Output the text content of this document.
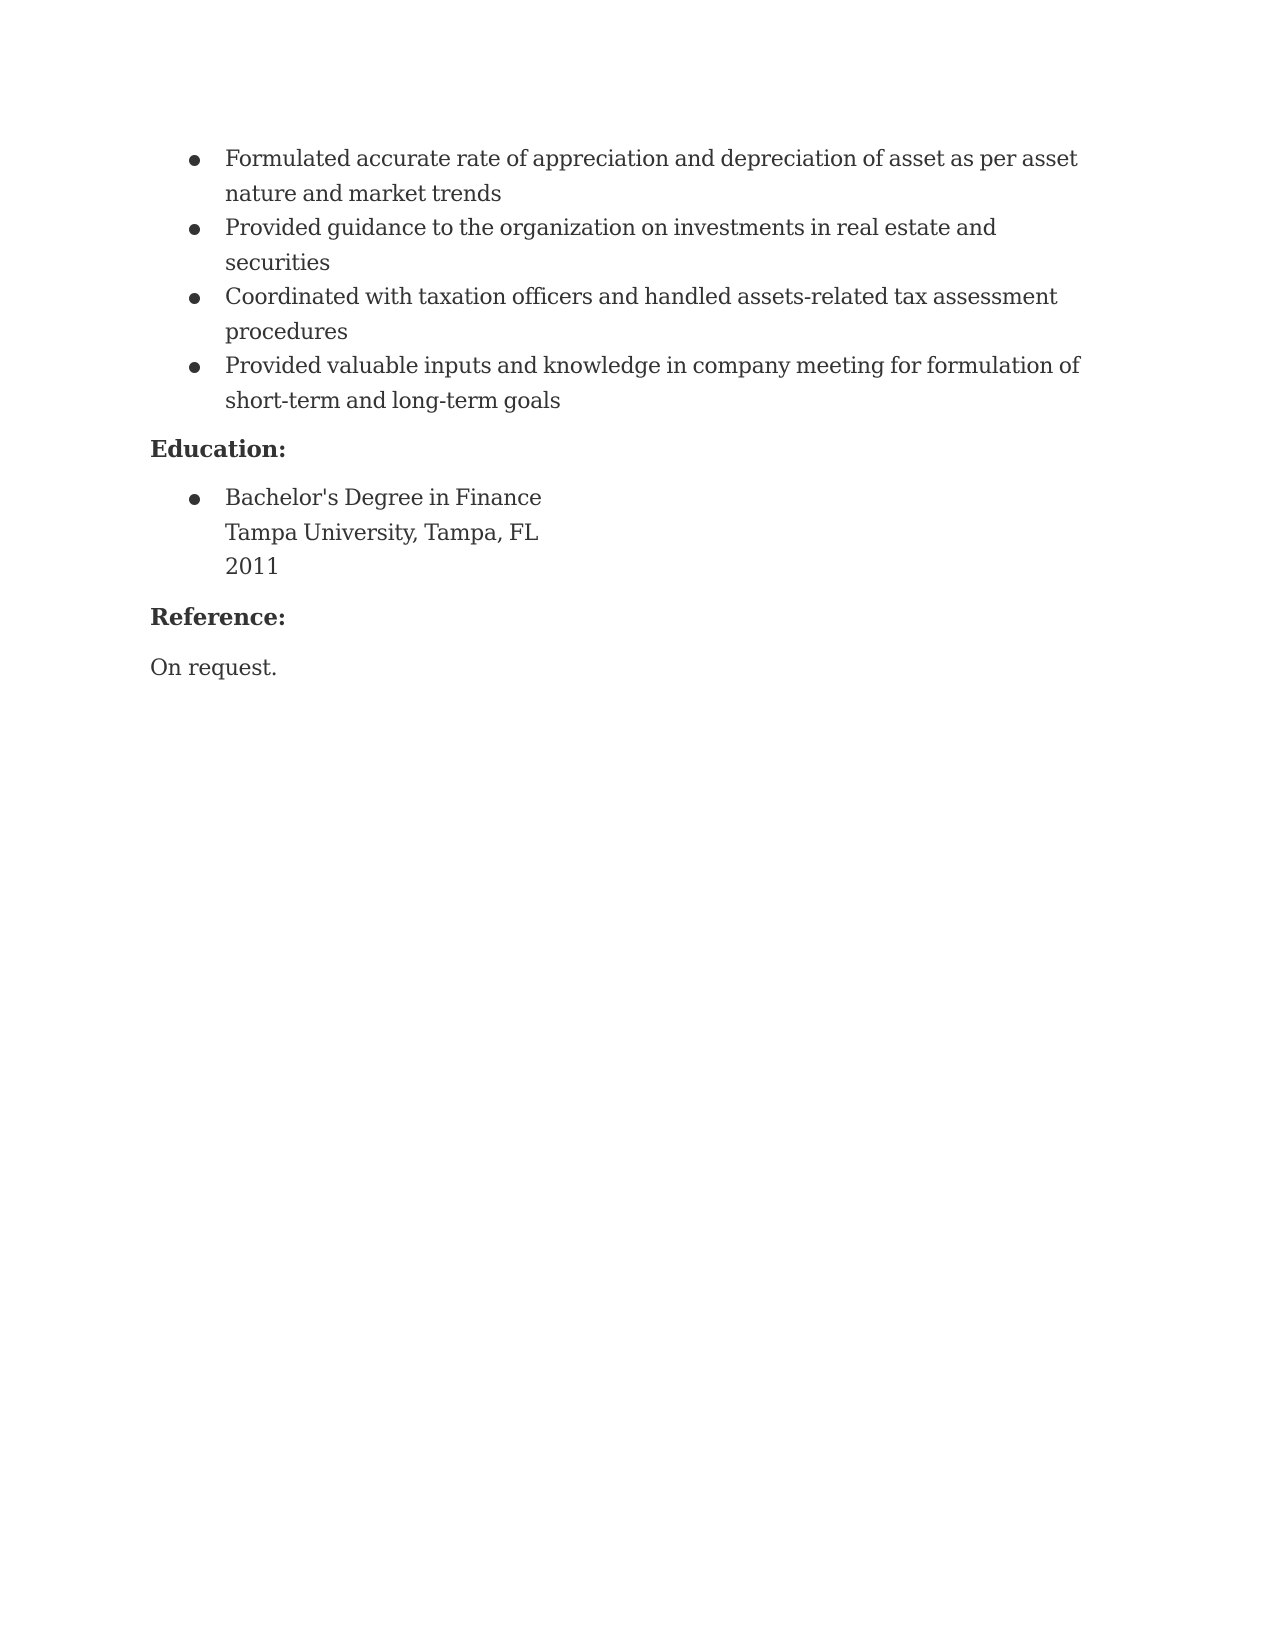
Formulated accurate rate of appreciation and depreciation of asset as per asset
nature and market trends
Provided guidance to the organization on investments in real estate and
securities
Coordinated with taxation officers and handled assets-related tax assessment
procedures
Provided valuable inputs and knowledge in company meeting for formulation of
short-term and long-term goals
Education:
Bachelor's Degree in Finance
Tampa University, Tampa, FL
2011
Reference:

On request.
